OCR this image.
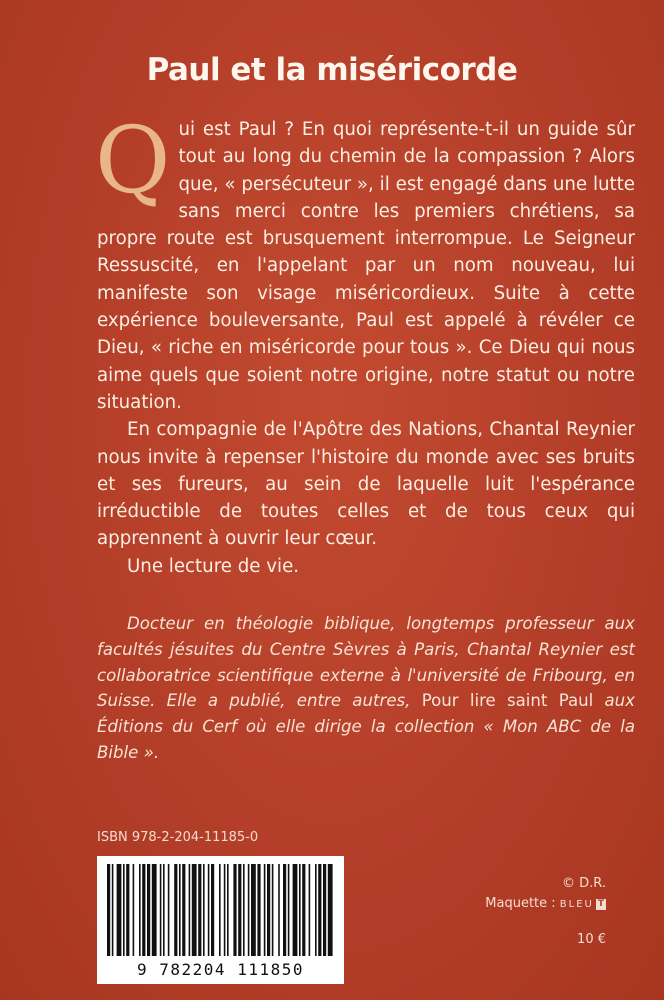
Paul et la miséricorde

Qui est Paul ? En quoi représente-t-il un guide sûr tout au long du chemin de la compassion ? Alors que, « persécuteur », il est engagé dans une lutte sans merci contre les premiers chrétiens, sa propre route est brusquement interrompue. Le Seigneur Ressuscité, en l'appelant par un nom nouveau, lui manifeste son visage miséricordieux. Suite à cette expérience bouleversante, Paul est appelé à révéler ce Dieu, « riche en miséricorde pour tous ». Ce Dieu qui nous aime quels que soient notre origine, notre statut ou notre situation.

En compagnie de l'Apôtre des Nations, Chantal Reynier nous invite à repenser l'histoire du monde avec ses bruits et ses fureurs, au sein de laquelle luit l'espérance irréductible de toutes celles et de tous ceux qui apprennent à ouvrir leur cœur.

Une lecture de vie.

Docteur en théologie biblique, longtemps professeur aux facultés jésuites du Centre Sèvres à Paris, Chantal Reynier est collaboratrice scientifique externe à l'université de Fribourg, en Suisse. Elle a publié, entre autres, Pour lire saint Paul aux Éditions du Cerf où elle dirige la collection « Mon ABC de la Bible ».
ISBN 978-2-204-11185-0
9 782204 111850
© D.R.
Maquette : BLEU T
10 €
